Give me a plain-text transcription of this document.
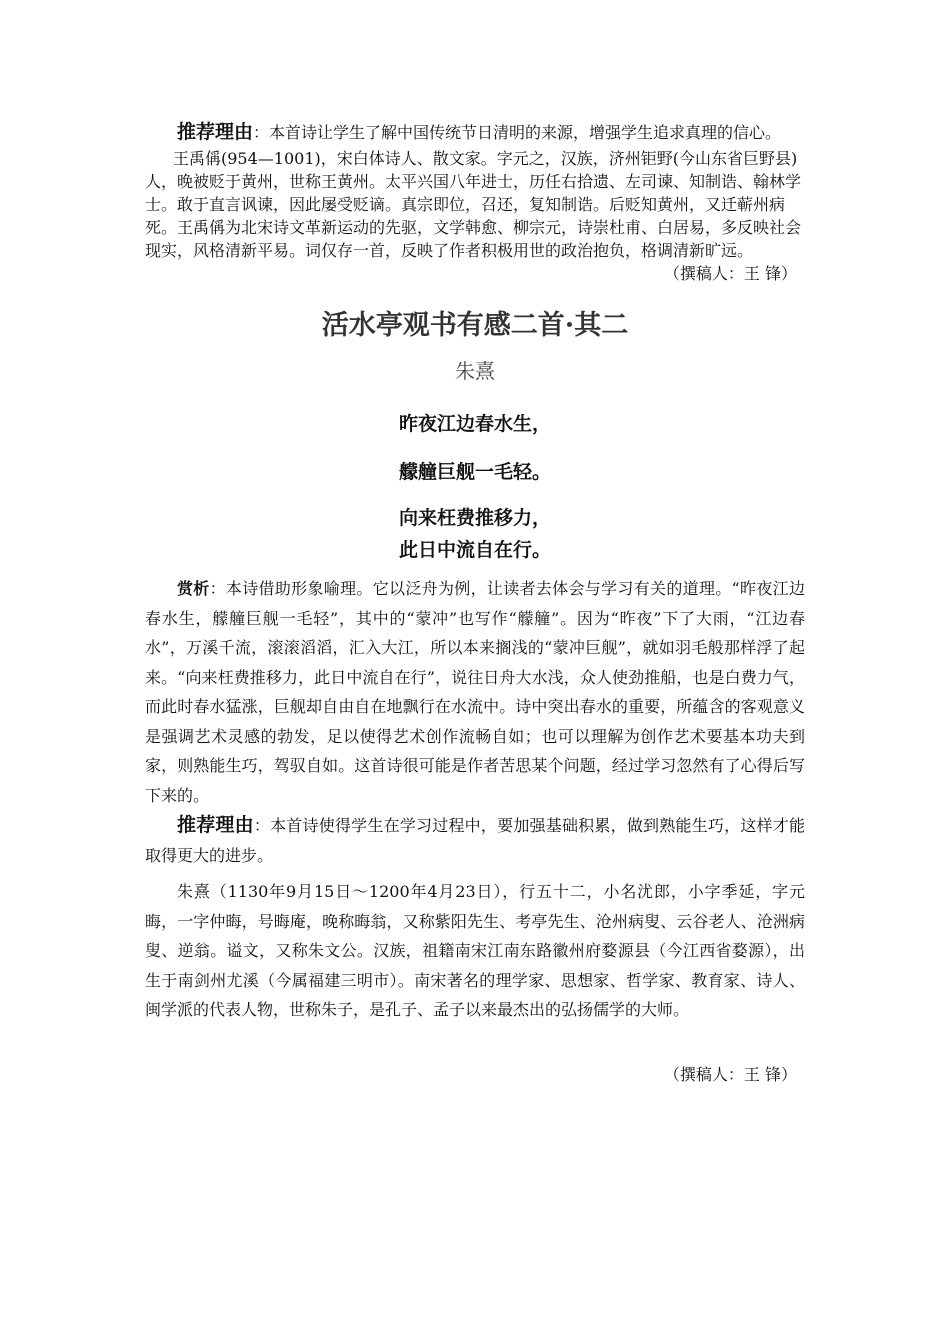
推荐理由：本首诗让学生了解中国传统节日清明的来源，增强学生追求真理的信心。

王禹偁(954—1001)，宋白体诗人、散文家。字元之，汉族，济州钜野(今山东省巨野县)人，晚被贬于黄州，世称王黄州。太平兴国八年进士，历任右拾遗、左司谏、知制诰、翰林学士。敢于直言讽谏，因此屡受贬谪。真宗即位，召还，复知制诰。后贬知黄州，又迁蕲州病死。王禹偁为北宋诗文革新运动的先驱，文学韩愈、柳宗元，诗崇杜甫、白居易，多反映社会现实，风格清新平易。词仅存一首，反映了作者积极用世的政治抱负，格调清新旷远。

（撰稿人：王 锋）

活水亭观书有感二首·其二
朱熹

昨夜江边春水生，

艨艟巨舰一毛轻。

向来枉费推移力，

此日中流自在行。

赏析：本诗借助形象喻理。它以泛舟为例，让读者去体会与学习有关的道理。“昨夜江边春水生，艨艟巨舰一毛轻”，其中的“蒙冲”也写作“艨艟”。因为“昨夜”下了大雨，“江边春水”，万溪千流，滚滚滔滔，汇入大江，所以本来搁浅的“蒙冲巨舰”，就如羽毛般那样浮了起来。“向来枉费推移力，此日中流自在行”，说往日舟大水浅，众人使劲推船，也是白费力气，而此时春水猛涨，巨舰却自由自在地飘行在水流中。诗中突出春水的重要，所蕴含的客观意义是强调艺术灵感的勃发，足以使得艺术创作流畅自如；也可以理解为创作艺术要基本功夫到家，则熟能生巧，驾驭自如。这首诗很可能是作者苦思某个问题，经过学习忽然有了心得后写下来的。

推荐理由：本首诗使得学生在学习过程中，要加强基础积累，做到熟能生巧，这样才能取得更大的进步。

朱熹（1130年9月15日～1200年4月23日），行五十二，小名沋郎，小字季延，字元晦，一字仲晦，号晦庵，晚称晦翁，又称紫阳先生、考亭先生、沧州病叟、云谷老人、沧洲病叟、逆翁。谥文，又称朱文公。汉族，祖籍南宋江南东路徽州府婺源县（今江西省婺源），出生于南剑州尤溪（今属福建三明市）。南宋著名的理学家、思想家、哲学家、教育家、诗人、闽学派的代表人物，世称朱子，是孔子、孟子以来最杰出的弘扬儒学的大师。

（撰稿人：王 锋）
